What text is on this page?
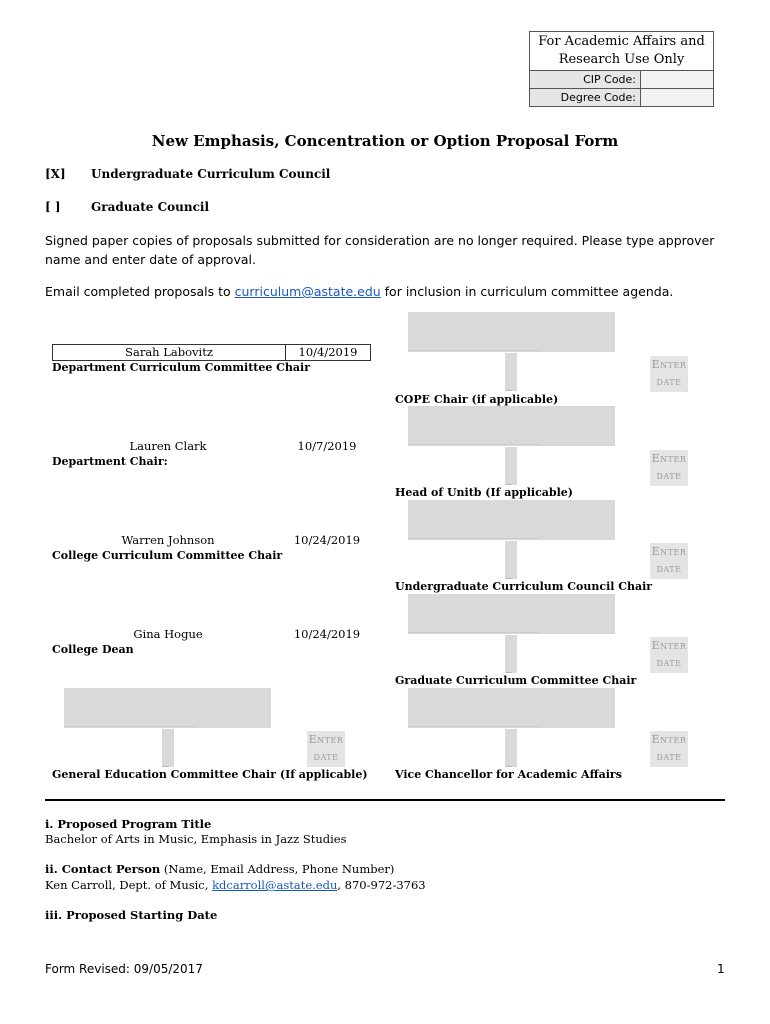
For Academic Affairs and Research Use Only
CIP Code:
Degree Code:
New Emphasis, Concentration or Option Proposal Form
[X] Undergraduate Curriculum Council
[ ]	Graduate Council
Signed paper copies of proposals submitted for consideration are no longer required. Please type approver name and enter date of approval.
Email completed proposals to curriculum@astate.edu for inclusion in curriculum committee agenda.
Sarah Labovitz	10/4/2019
Department Curriculum Committee Chair
Lauren Clark	10/7/2019
Department Chair:
Warren Johnson	10/24/2019
College Curriculum Committee Chair
Gina Hogue	10/24/2019
College Dean
________________________
_
Enter
date
General Education Committee Chair (If applicable)
________________________
_
Enter
date
COPE Chair (if applicable)
________________________
_
Enter
date
Head of Unitb (If applicable)
________________________
_
Enter
date
Undergraduate Curriculum Council Chair
________________________
_
Enter
date
Graduate Curriculum Committee Chair
________________________
_
Enter
date
Vice Chancellor for Academic Affairs
i. Proposed Program Title
Bachelor of Arts in Music, Emphasis in Jazz Studies
ii. Contact Person (Name, Email Address, Phone Number)
Ken Carroll, Dept. of Music, kdcarroll@astate.edu, 870-972-3763
iii. Proposed Starting Date
Form Revised: 09/05/2017	1
